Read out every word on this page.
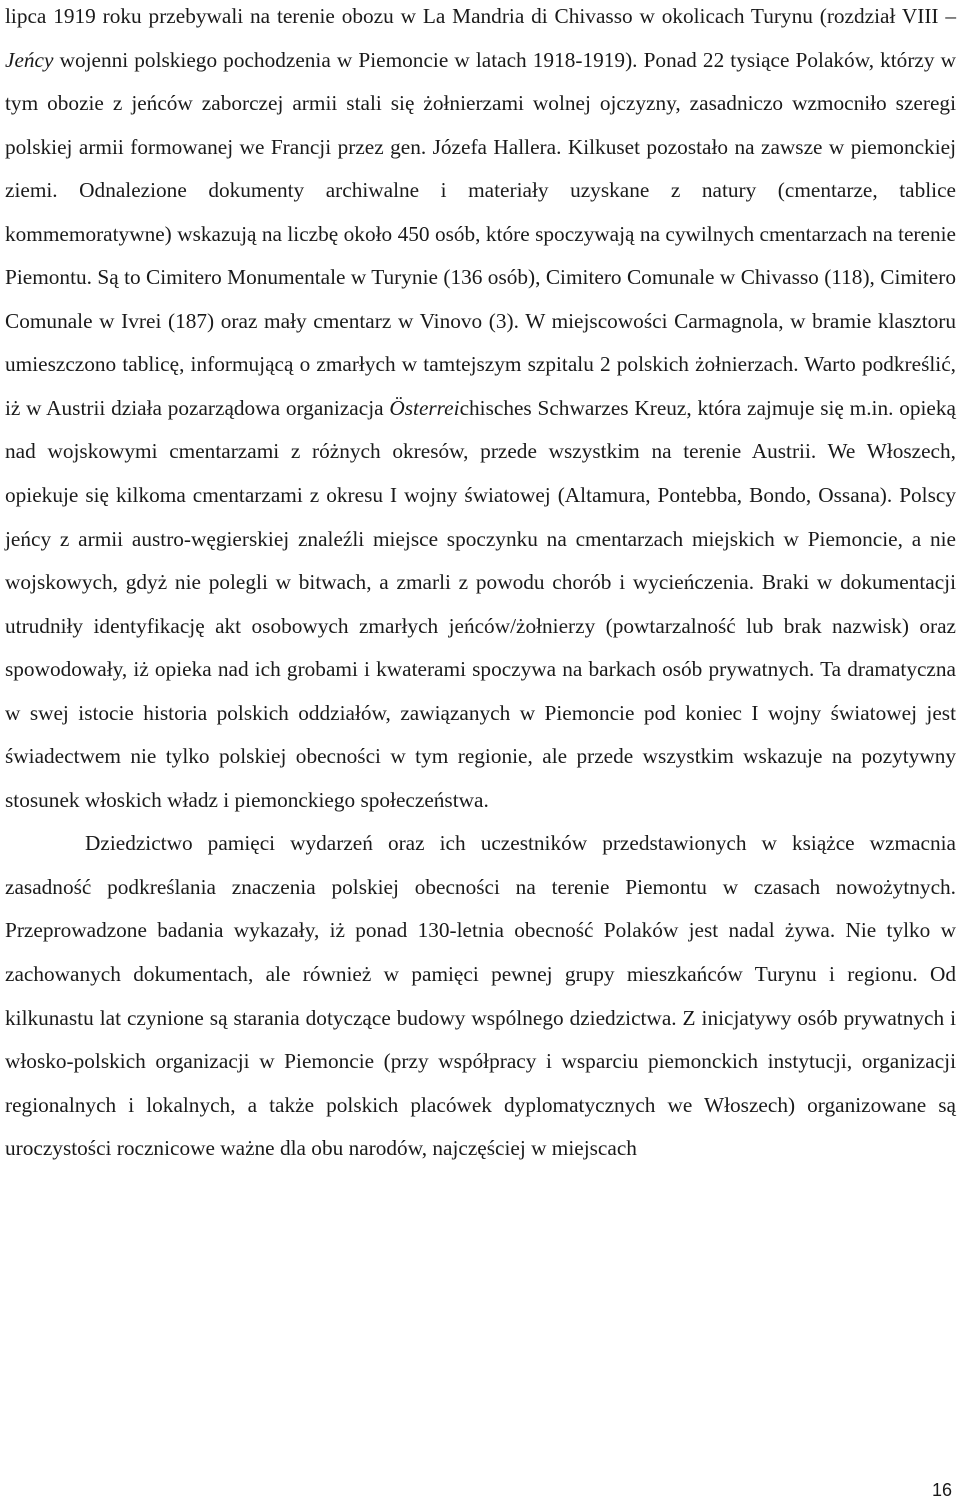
lipca 1919 roku przebywali na terenie obozu w La Mandria di Chivasso w okolicach Turynu (rozdział VIII – Jeńcy wojenni polskiego pochodzenia w Piemoncie w latach 1918-1919). Ponad 22 tysiące Polaków, którzy w tym obozie z jeńców zaborczej armii stali się żołnierzami wolnej ojczyzny, zasadniczo wzmocniło szeregi polskiej armii formowanej we Francji przez gen. Józefa Hallera. Kilkuset pozostało na zawsze w piemonckiej ziemi. Odnalezione dokumenty archiwalne i materiały uzyskane z natury (cmentarze, tablice kommemoratywne) wskazują na liczbę około 450 osób, które spoczywają na cywilnych cmentarzach na terenie Piemontu. Są to Cimitero Monumentale w Turynie (136 osób), Cimitero Comunale w Chivasso (118), Cimitero Comunale w Ivrei (187) oraz mały cmentarz w Vinovo (3). W miejscowości Carmagnola, w bramie klasztoru umieszczono tablicę, informującą o zmarłych w tamtejszym szpitalu 2 polskich żołnierzach. Warto podkreślić, iż w Austrii działa pozarządowa organizacja Österreichisches Schwarzes Kreuz, która zajmuje się m.in. opieką nad wojskowymi cmentarzami z różnych okresów, przede wszystkim na terenie Austrii. We Włoszech, opiekuje się kilkoma cmentarzami z okresu I wojny światowej (Altamura, Pontebba, Bondo, Ossana). Polscy jeńcy z armii austro-węgierskiej znaleźli miejsce spoczynku na cmentarzach miejskich w Piemoncie, a nie wojskowych, gdyż nie polegli w bitwach, a zmarli z powodu chorób i wycieńczenia. Braki w dokumentacji utrudniły identyfikację akt osobowych zmarłych jeńców/żołnierzy (powtarzalność lub brak nazwisk) oraz spowodowały, iż opieka nad ich grobami i kwaterami spoczywa na barkach osób prywatnych. Ta dramatyczna w swej istocie historia polskich oddziałów, zawiązanych w Piemoncie pod koniec I wojny światowej jest świadectwem nie tylko polskiej obecności w tym regionie, ale przede wszystkim wskazuje na pozytywny stosunek włoskich władz i piemonckiego społeczeństwa.

Dziedzictwo pamięci wydarzeń oraz ich uczestników przedstawionych w książce wzmacnia zasadność podkreślania znaczenia polskiej obecności na terenie Piemontu w czasach nowożytnych. Przeprowadzone badania wykazały, iż ponad 130-letnia obecność Polaków jest nadal żywa. Nie tylko w zachowanych dokumentach, ale również w pamięci pewnej grupy mieszkańców Turynu i regionu. Od kilkunastu lat czynione są starania dotyczące budowy wspólnego dziedzictwa. Z inicjatywy osób prywatnych i włosko-polskich organizacji w Piemoncie (przy współpracy i wsparciu piemonckich instytucji, organizacji regionalnych i lokalnych, a także polskich placówek dyplomatycznych we Włoszech) organizowane są uroczystości rocznicowe ważne dla obu narodów, najczęściej w miejscach

16
